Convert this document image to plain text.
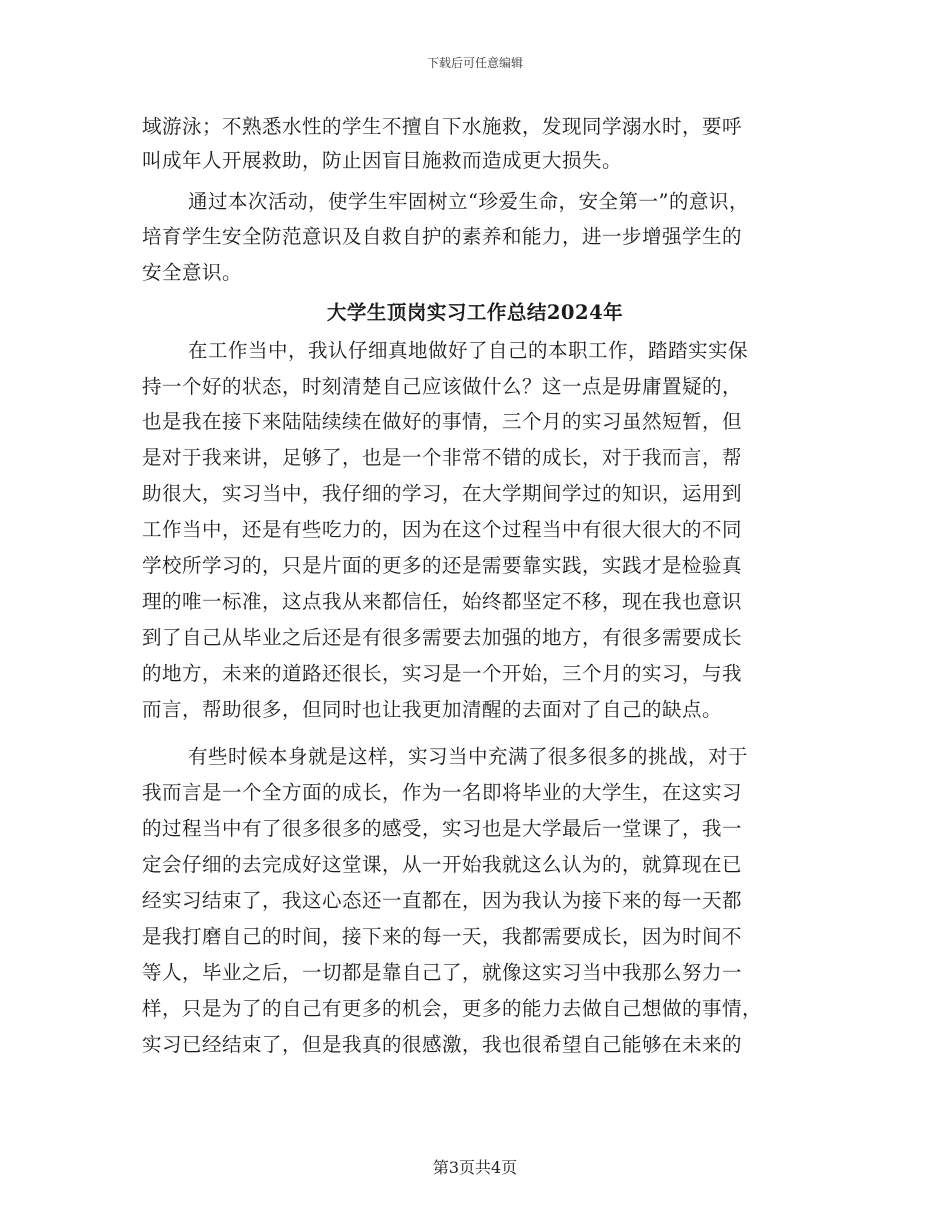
下载后可任意编辑
域游泳；不熟悉水性的学生不擅自下水施救，发现同学溺水时，要呼
叫成年人开展救助，防止因盲目施救而造成更大损失。
通过本次活动，使学生牢固树立“珍爱生命，安全第一”的意识，
培育学生安全防范意识及自救自护的素养和能力，进一步增强学生的
安全意识。
大学生顶岗实习工作总结2024年
在工作当中，我认仔细真地做好了自己的本职工作，踏踏实实保
持一个好的状态，时刻清楚自己应该做什么？这一点是毋庸置疑的，
也是我在接下来陆陆续续在做好的事情，三个月的实习虽然短暂，但
是对于我来讲，足够了，也是一个非常不错的成长，对于我而言，帮
助很大，实习当中，我仔细的学习，在大学期间学过的知识，运用到
工作当中，还是有些吃力的，因为在这个过程当中有很大很大的不同
学校所学习的，只是片面的更多的还是需要靠实践，实践才是检验真
理的唯一标准，这点我从来都信任，始终都坚定不移，现在我也意识
到了自己从毕业之后还是有很多需要去加强的地方，有很多需要成长
的地方，未来的道路还很长，实习是一个开始，三个月的实习，与我
而言，帮助很多，但同时也让我更加清醒的去面对了自己的缺点。
有些时候本身就是这样，实习当中充满了很多很多的挑战，对于
我而言是一个全方面的成长，作为一名即将毕业的大学生，在这实习
的过程当中有了很多很多的感受，实习也是大学最后一堂课了，我一
定会仔细的去完成好这堂课，从一开始我就这么认为的，就算现在已
经实习结束了，我这心态还一直都在，因为我认为接下来的每一天都
是我打磨自己的时间，接下来的每一天，我都需要成长，因为时间不
等人，毕业之后，一切都是靠自己了，就像这实习当中我那么努力一
样，只是为了的自己有更多的机会，更多的能力去做自己想做的事情，
实习已经结束了，但是我真的很感激，我也很希望自己能够在未来的
第3页共4页
